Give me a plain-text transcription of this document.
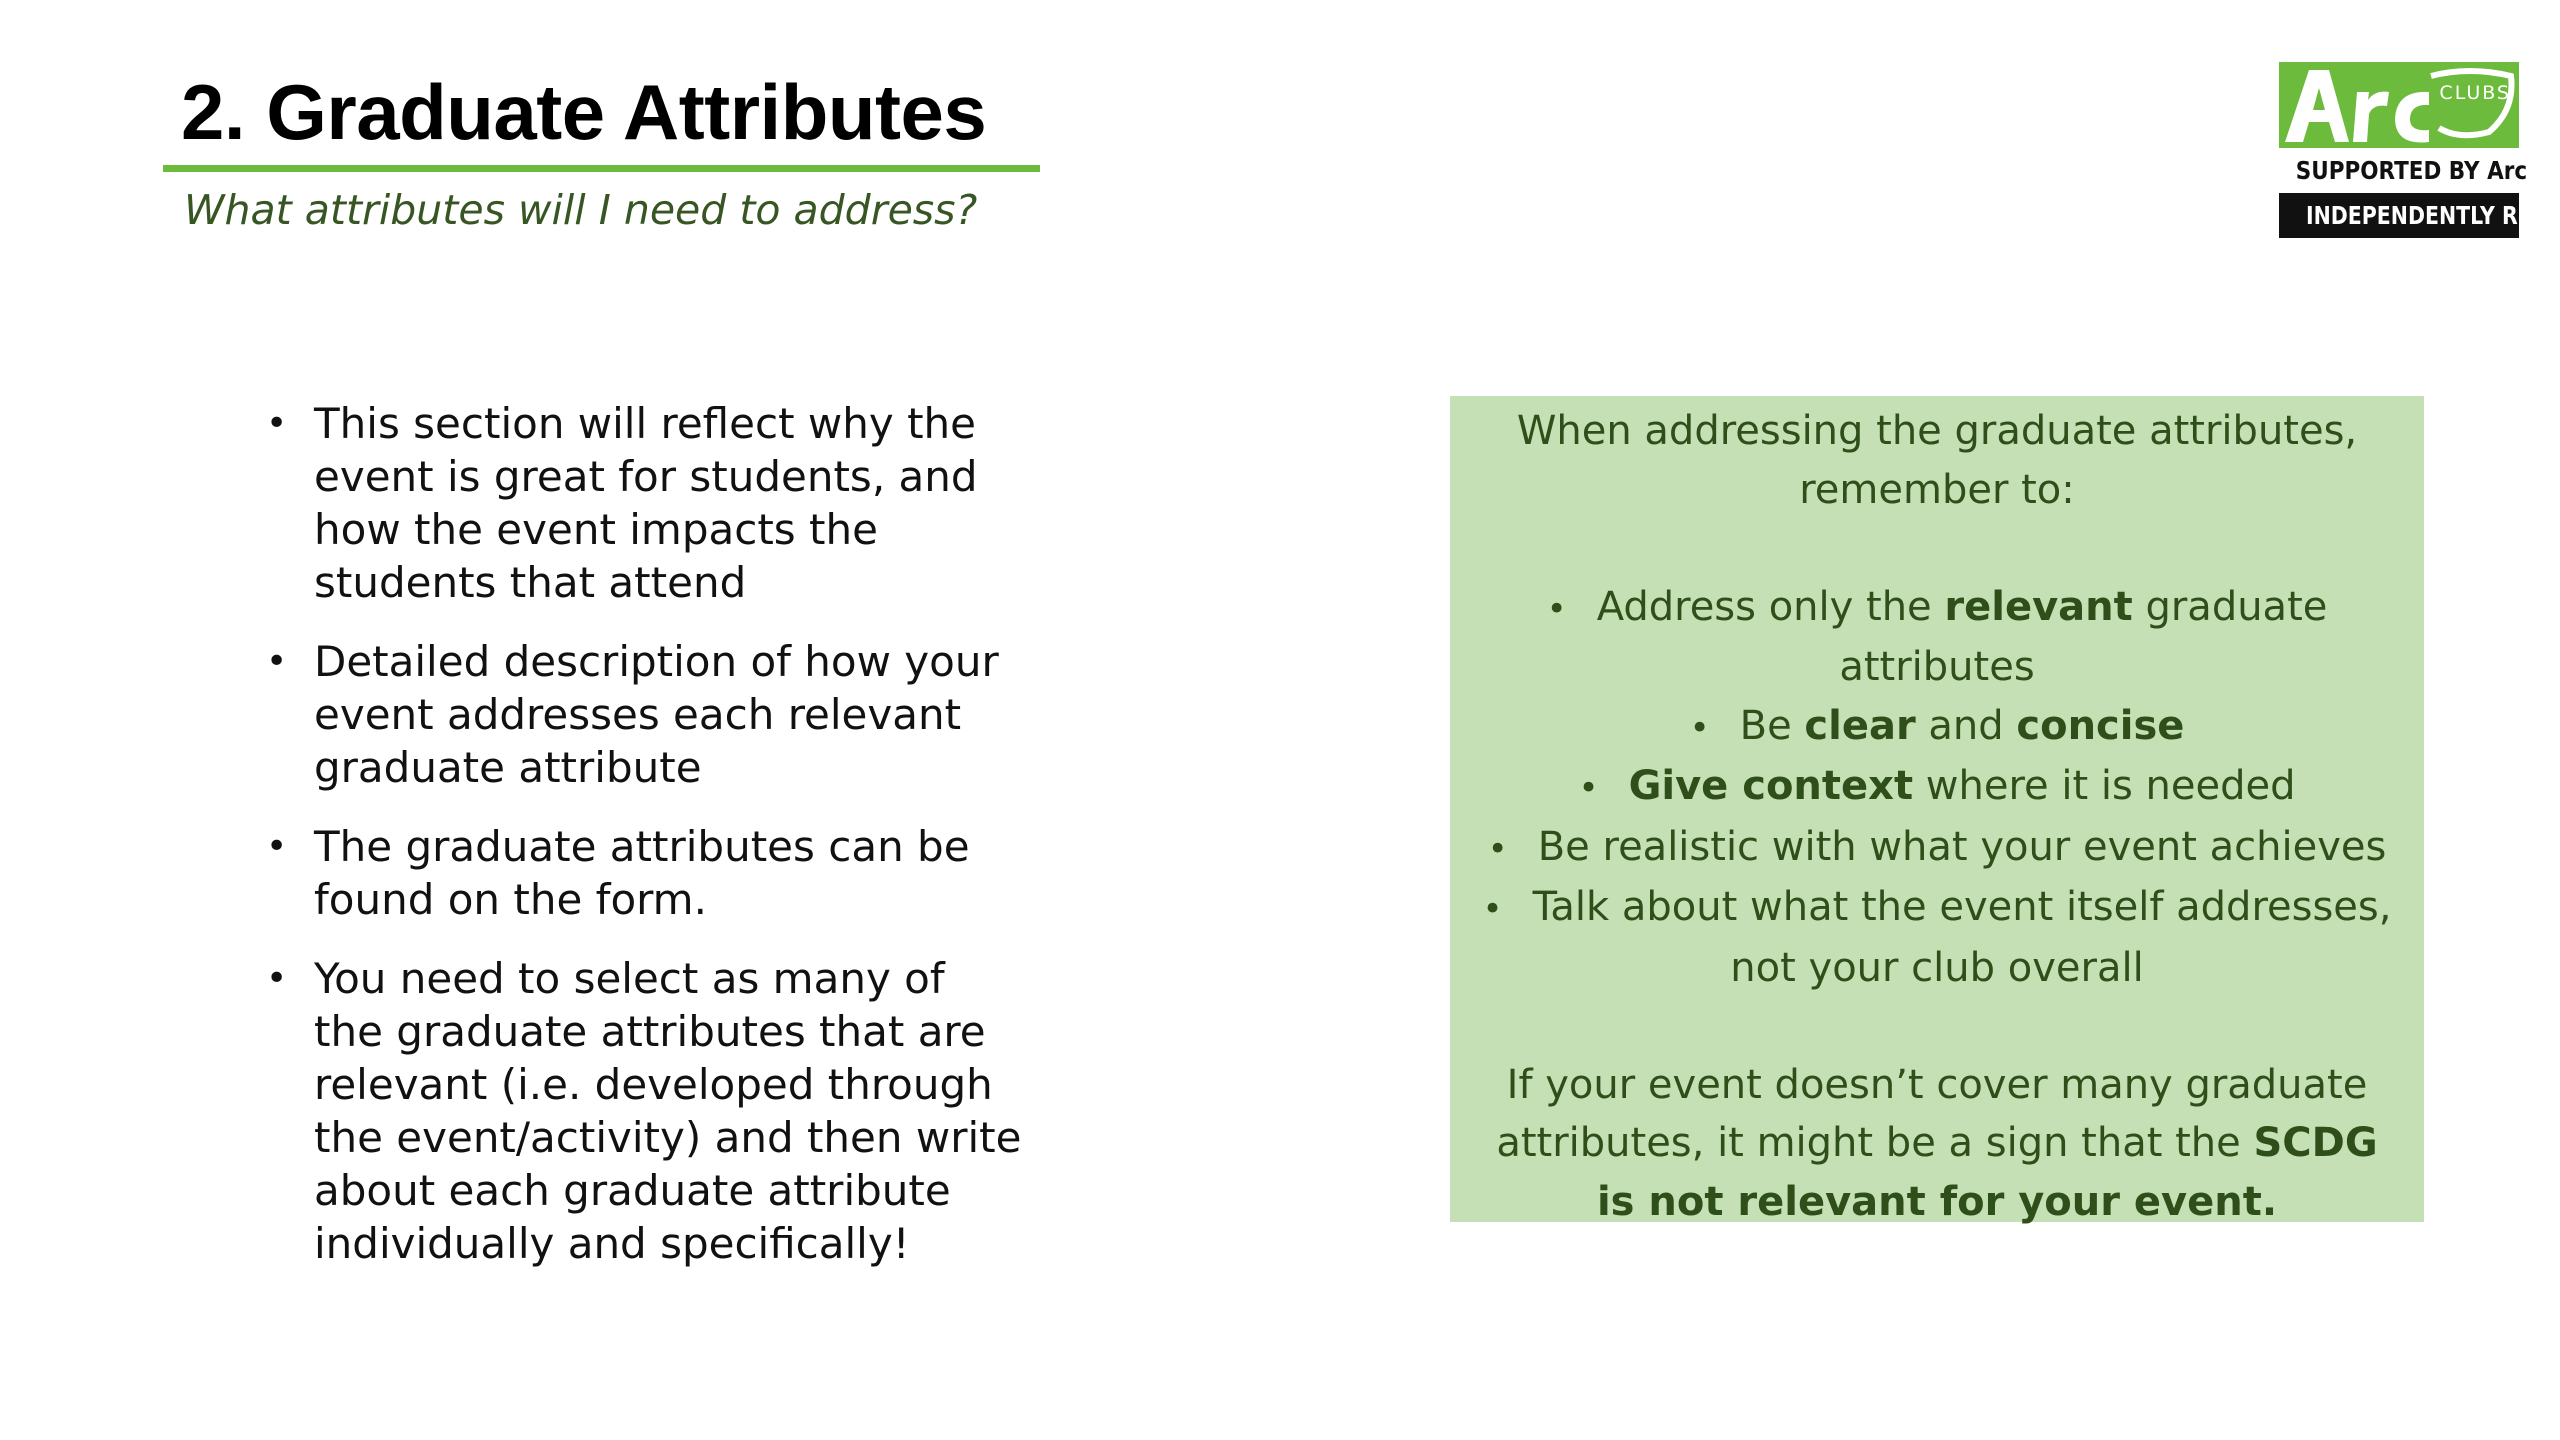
2. Graduate Attributes

What attributes will I need to address?

CLUBS
SUPPORTED BY Arc
INDEPENDENTLY RUN
• This section will reflect why the event is great for students, and how the event impacts the students that attend
• Detailed description of how your event addresses each relevant graduate attribute
• The graduate attributes can be found on the form.
• You need to select as many of the graduate attributes that are relevant (i.e. developed through the event/activity) and then write about each graduate attribute individually and specifically!

When addressing the graduate attributes, remember to:

• Address only the relevant graduate attributes
• Be clear and concise
• Give context where it is needed
• Be realistic with what your event achieves
• Talk about what the event itself addresses, not your club overall

If your event doesn’t cover many graduate attributes, it might be a sign that the SCDG is not relevant for your event.
